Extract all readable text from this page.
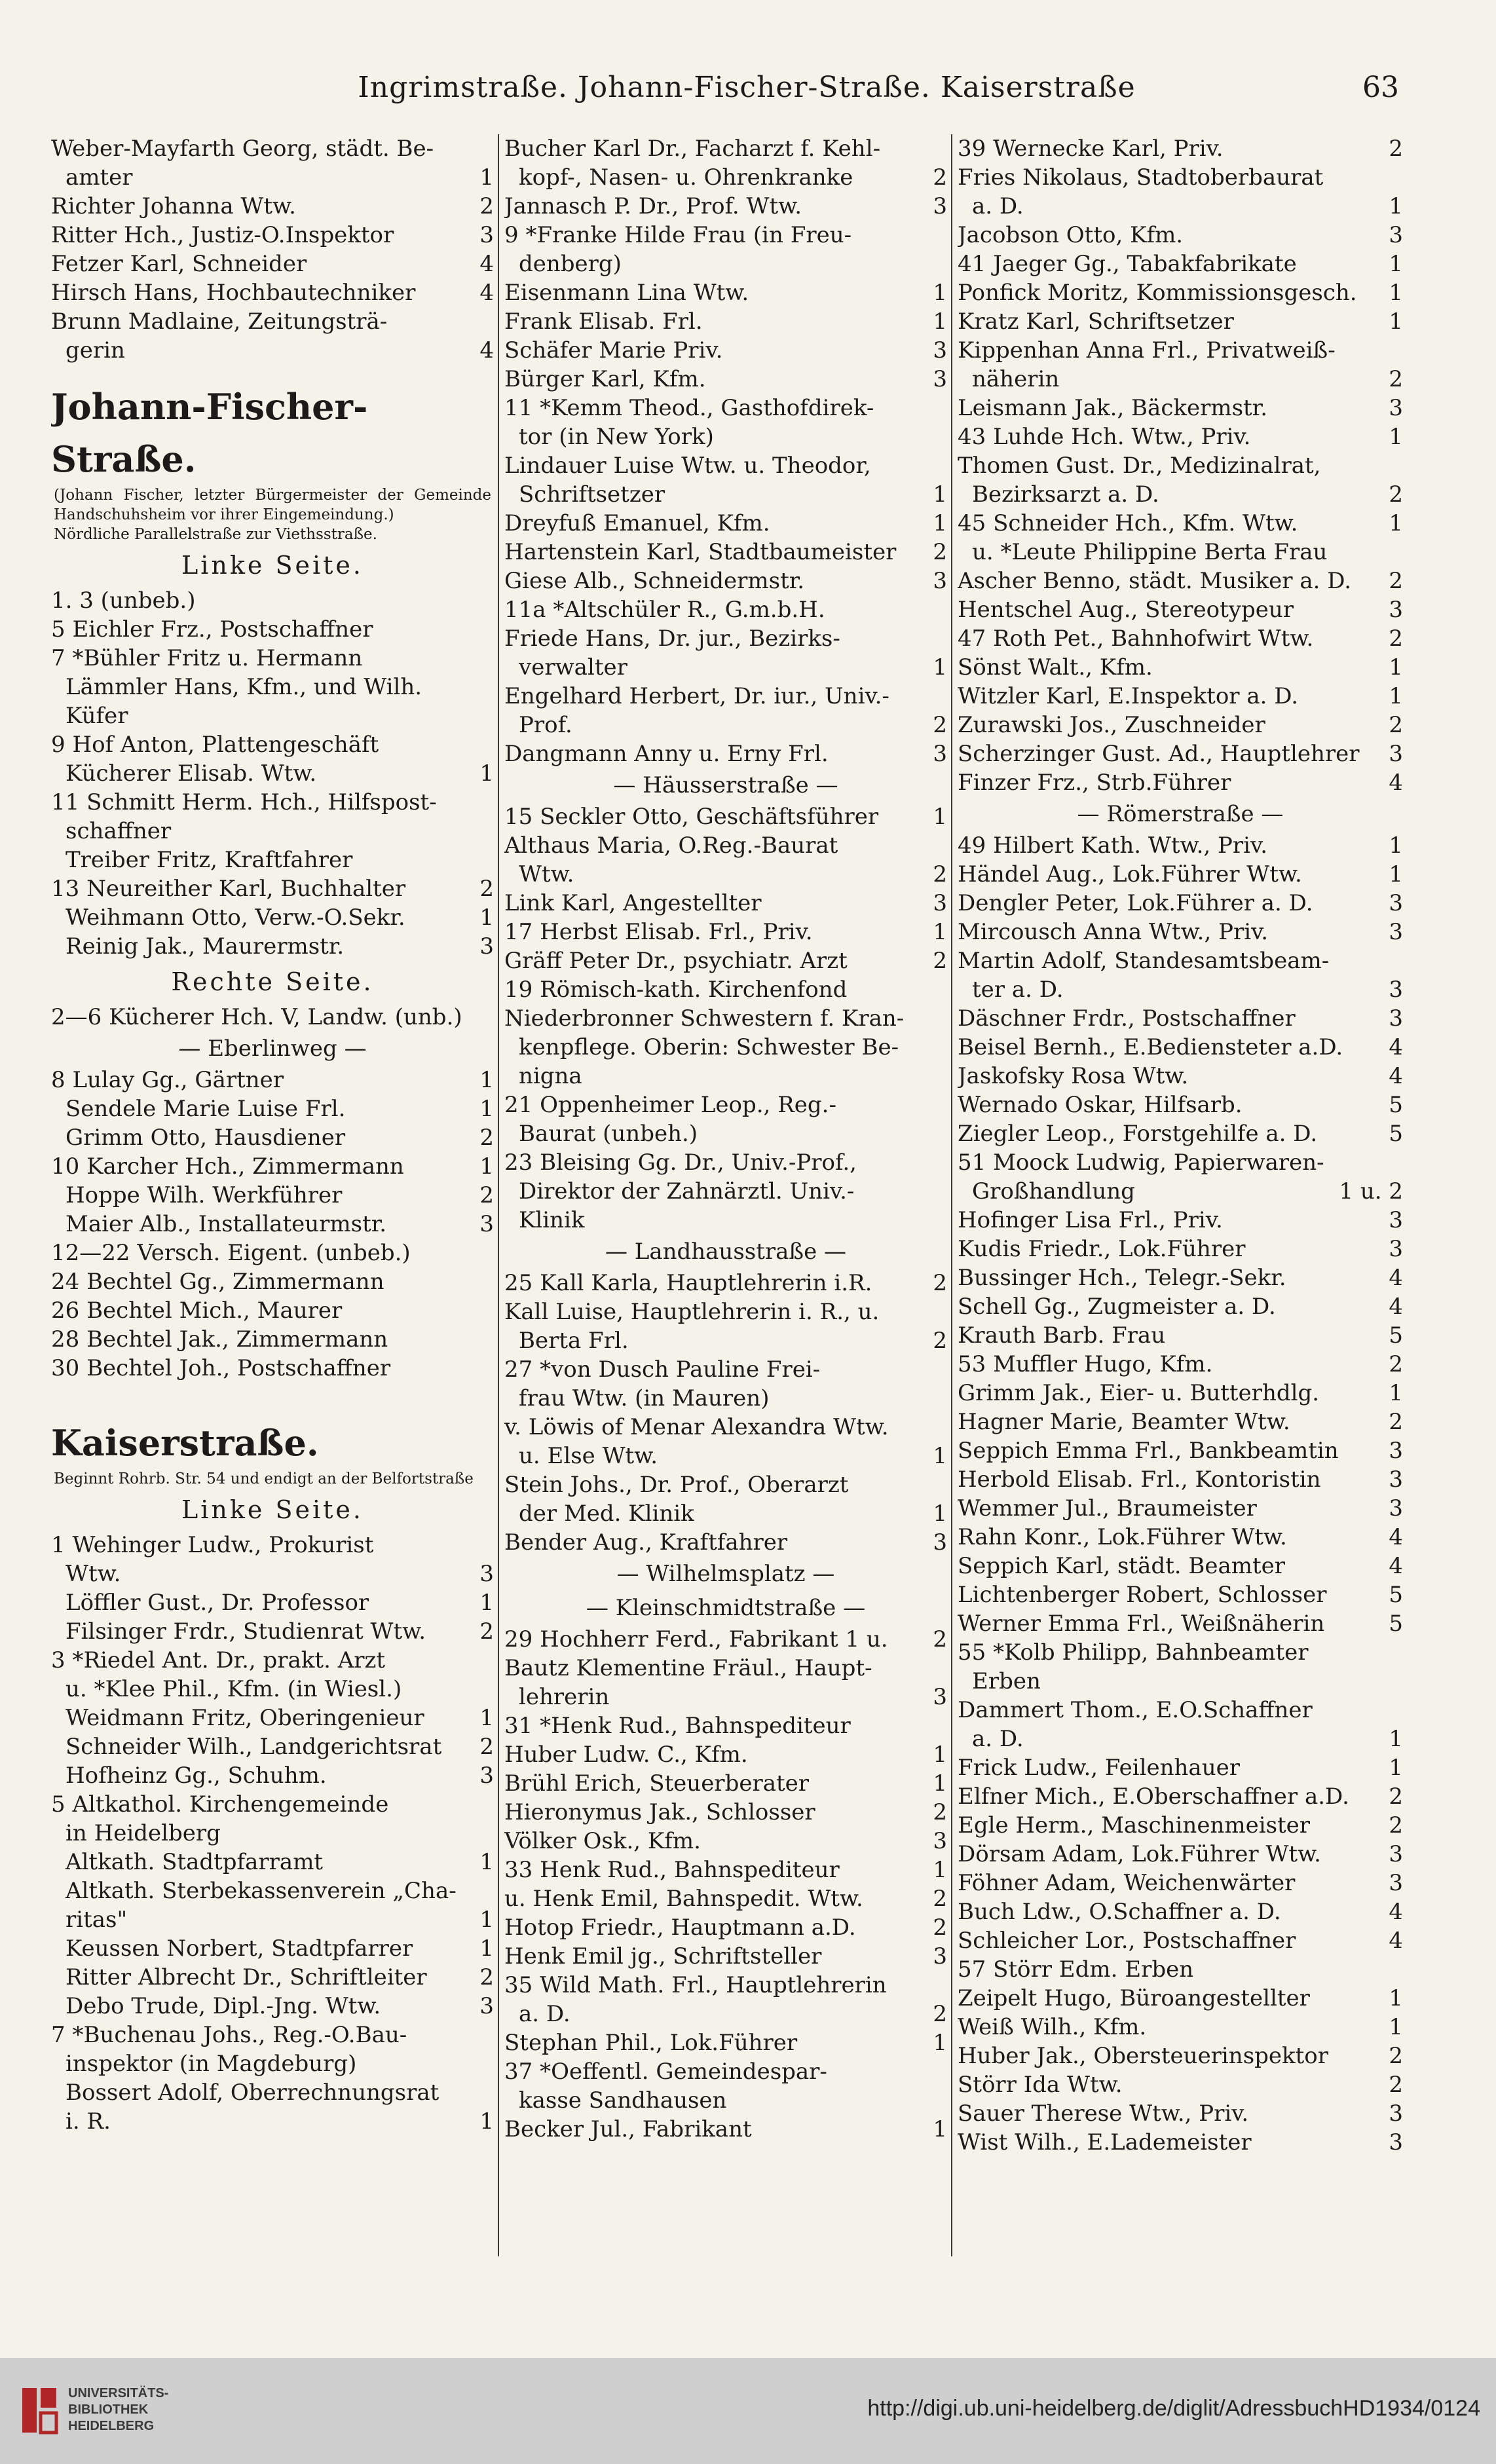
Ingrimstraße. Johann-Fischer-Straße. Kaiserstraße	63
Weber-Mayfarth Georg, städt. Be-
amter	1
Richter Johanna Wtw.	2
Ritter Hch., Justiz-O.Inspektor	3
Fetzer Karl, Schneider	4
Hirsch Hans, Hochbautechniker	4
Brunn Madlaine, Zeitungsträ-
gerin	4
Johann-Fischer-Straße.
(Johann Fischer, letzter Bürgermeister der Gemeinde Handschuhsheim vor ihrer Eingemeindung.)
Nördliche Parallelstraße zur Viethsstraße.
Linke Seite.
1. 3 (unbeb.)
5 Eichler Frz., Postschaffner
7 *Bühler Fritz u. Hermann
Lämmler Hans, Kfm., und Wilh.
Küfer
9 Hof Anton, Plattengeschäft
Kücherer Elisab. Wtw.	1
11 Schmitt Herm. Hch., Hilfspost-
schaffner
Treiber Fritz, Kraftfahrer
13 Neureither Karl, Buchhalter	2
Weihmann Otto, Verw.-O.Sekr.	1
Reinig Jak., Maurermstr.	3
Rechte Seite.
2—6 Kücherer Hch. V, Landw. (unb.)
— Eberlinweg —
8 Lulay Gg., Gärtner	1
Sendele Marie Luise Frl.	1
Grimm Otto, Hausdiener	2
10 Karcher Hch., Zimmermann	1
Hoppe Wilh. Werkführer	2
Maier Alb., Installateurmstr.	3
12—22 Versch. Eigent. (unbeb.)
24 Bechtel Gg., Zimmermann
26 Bechtel Mich., Maurer
28 Bechtel Jak., Zimmermann
30 Bechtel Joh., Postschaffner
Kaiserstraße.
Beginnt Rohrb. Str. 54 und endigt an der Belfortstraße
Linke Seite.
1 Wehinger Ludw., Prokurist
Wtw.	3
Löffler Gust., Dr. Professor	1
Filsinger Frdr., Studienrat Wtw.	2
3 *Riedel Ant. Dr., prakt. Arzt
u. *Klee Phil., Kfm. (in Wiesl.)
Weidmann Fritz, Oberingenieur	1
Schneider Wilh., Landgerichtsrat	2
Hofheinz Gg., Schuhm.	3
5 Altkathol. Kirchengemeinde
in Heidelberg
Altkath. Stadtpfarramt	1
Altkath. Sterbekassenverein „Cha-
ritas"	1
Keussen Norbert, Stadtpfarrer	1
Ritter Albrecht Dr., Schriftleiter	2
Debo Trude, Dipl.-Jng. Wtw.	3
7 *Buchenau Johs., Reg.-O.Bau-
inspektor (in Magdeburg)
Bossert Adolf, Oberrechnungsrat
i. R.	1
Bucher Karl Dr., Facharzt f. Kehl-
kopf-, Nasen- u. Ohrenkranke	2
Jannasch P. Dr., Prof. Wtw.	3
9 *Franke Hilde Frau (in Freu-
denberg)
Eisenmann Lina Wtw.	1
Frank Elisab. Frl.	1
Schäfer Marie Priv.	3
Bürger Karl, Kfm.	3
11 *Kemm Theod., Gasthofdirek-
tor (in New York)
Lindauer Luise Wtw. u. Theodor,
Schriftsetzer	1
Dreyfuß Emanuel, Kfm.	1
Hartenstein Karl, Stadtbaumeister	2
Giese Alb., Schneidermstr.	3
11a *Altschüler R., G.m.b.H.
Friede Hans, Dr. jur., Bezirks-
verwalter	1
Engelhard Herbert, Dr. iur., Univ.-
Prof.	2
Dangmann Anny u. Erny Frl.	3
— Häusserstraße —
15 Seckler Otto, Geschäftsführer	1
Althaus Maria, O.Reg.-Baurat
Wtw.	2
Link Karl, Angestellter	3
17 Herbst Elisab. Frl., Priv.	1
Gräff Peter Dr., psychiatr. Arzt	2
19 Römisch-kath. Kirchenfond
Niederbronner Schwestern f. Kran-
kenpflege. Oberin: Schwester Be-
nigna
21 Oppenheimer Leop., Reg.-
Baurat (unbeh.)
23 Bleising Gg. Dr., Univ.-Prof.,
Direktor der Zahnärztl. Univ.-
Klinik
— Landhausstraße —
25 Kall Karla, Hauptlehrerin i.R.	2
Kall Luise, Hauptlehrerin i. R., u.
Berta Frl.	2
27 *von Dusch Pauline Frei-
frau Wtw. (in Mauren)
v. Löwis of Menar Alexandra Wtw.
u. Else Wtw.	1
Stein Johs., Dr. Prof., Oberarzt
der Med. Klinik	1
Bender Aug., Kraftfahrer	3
— Wilhelmsplatz —
— Kleinschmidtstraße —
29 Hochherr Ferd., Fabrikant 1 u.	2
Bautz Klementine Fräul., Haupt-
lehrerin	3
31 *Henk Rud., Bahnspediteur
Huber Ludw. C., Kfm.	1
Brühl Erich, Steuerberater	1
Hieronymus Jak., Schlosser	2
Völker Osk., Kfm.	3
33 Henk Rud., Bahnspediteur	1
u. Henk Emil, Bahnspedit. Wtw.	2
Hotop Friedr., Hauptmann a.D.	2
Henk Emil jg., Schriftsteller	3
35 Wild Math. Frl., Hauptlehrerin
a. D.	2
Stephan Phil., Lok.Führer	1
37 *Oeffentl. Gemeindespar-
kasse Sandhausen
Becker Jul., Fabrikant	1
39 Wernecke Karl, Priv.	2
Fries Nikolaus, Stadtoberbaurat
a. D.	1
Jacobson Otto, Kfm.	3
41 Jaeger Gg., Tabakfabrikate	1
Ponfick Moritz, Kommissionsgesch.	1
Kratz Karl, Schriftsetzer	1
Kippenhan Anna Frl., Privatweiß-
näherin	2
Leismann Jak., Bäckermstr.	3
43 Luhde Hch. Wtw., Priv.	1
Thomen Gust. Dr., Medizinalrat,
Bezirksarzt a. D.	2
45 Schneider Hch., Kfm. Wtw.	1
u. *Leute Philippine Berta Frau
Ascher Benno, städt. Musiker a. D.	2
Hentschel Aug., Stereotypeur	3
47 Roth Pet., Bahnhofwirt Wtw.	2
Sönst Walt., Kfm.	1
Witzler Karl, E.Inspektor a. D.	1
Zurawski Jos., Zuschneider	2
Scherzinger Gust. Ad., Hauptlehrer	3
Finzer Frz., Strb.Führer	4
— Römerstraße —
49 Hilbert Kath. Wtw., Priv.	1
Händel Aug., Lok.Führer Wtw.	1
Dengler Peter, Lok.Führer a. D.	3
Mircousch Anna Wtw., Priv.	3
Martin Adolf, Standesamtsbeam-
ter a. D.	3
Däschner Frdr., Postschaffner	3
Beisel Bernh., E.Bediensteter a.D.	4
Jaskofsky Rosa Wtw.	4
Wernado Oskar, Hilfsarb.	5
Ziegler Leop., Forstgehilfe a. D.	5
51 Moock Ludwig, Papierwaren-
Großhandlung	1 u. 2
Hofinger Lisa Frl., Priv.	3
Kudis Friedr., Lok.Führer	3
Bussinger Hch., Telegr.-Sekr.	4
Schell Gg., Zugmeister a. D.	4
Krauth Barb. Frau	5
53 Muffler Hugo, Kfm.	2
Grimm Jak., Eier- u. Butterhdlg.	1
Hagner Marie, Beamter Wtw.	2
Seppich Emma Frl., Bankbeamtin	3
Herbold Elisab. Frl., Kontoristin	3
Wemmer Jul., Braumeister	3
Rahn Konr., Lok.Führer Wtw.	4
Seppich Karl, städt. Beamter	4
Lichtenberger Robert, Schlosser	5
Werner Emma Frl., Weißnäherin	5
55 *Kolb Philipp, Bahnbeamter
Erben
Dammert Thom., E.O.Schaffner
a. D.	1
Frick Ludw., Feilenhauer	1
Elfner Mich., E.Oberschaffner a.D.	2
Egle Herm., Maschinenmeister	2
Dörsam Adam, Lok.Führer Wtw.	3
Föhner Adam, Weichenwärter	3
Buch Ldw., O.Schaffner a. D.	4
Schleicher Lor., Postschaffner	4
57 Störr Edm. Erben
Zeipelt Hugo, Büroangestellter	1
Weiß Wilh., Kfm.	1
Huber Jak., Obersteuerinspektor	2
Störr Ida Wtw.	2
Sauer Therese Wtw., Priv.	3
Wist Wilh., E.Lademeister	3
UNIVERSITÄTS-
BIBLIOTHEK
HEIDELBERG
http://digi.ub.uni-heidelberg.de/diglit/AdressbuchHD1934/0124
